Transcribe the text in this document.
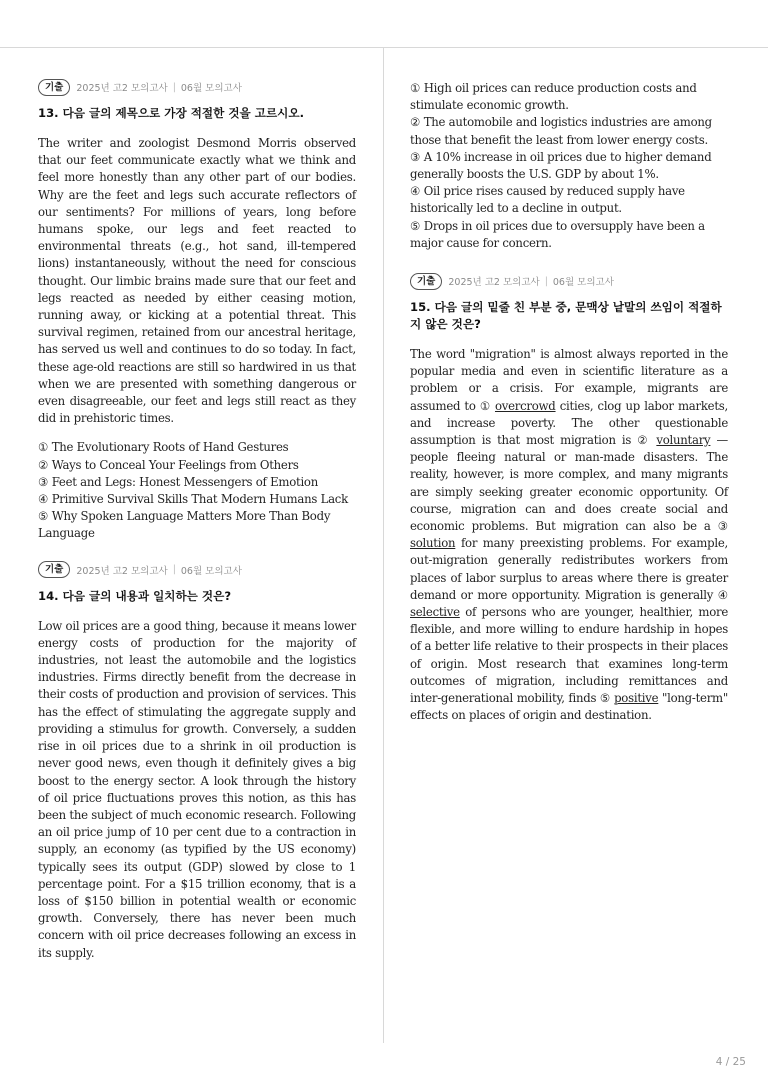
기출	2025년 고2 모의고사 | 06월 모의고사

13. 다음 글의 제목으로 가장 적절한 것을 고르시오.

The writer and zoologist Desmond Morris observed that our feet communicate exactly what we think and feel more honestly than any other part of our bodies. Why are the feet and legs such accurate reflectors of our sentiments? For millions of years, long before humans spoke, our legs and feet reacted to environmental threats (e.g., hot sand, ill-tempered lions) instantaneously, without the need for conscious thought. Our limbic brains made sure that our feet and legs reacted as needed by either ceasing motion, running away, or kicking at a potential threat. This survival regimen, retained from our ancestral heritage, has served us well and continues to do so today. In fact, these age-old reactions are still so hardwired in us that when we are presented with something dangerous or even disagreeable, our feet and legs still react as they did in prehistoric times.

① The Evolutionary Roots of Hand Gestures
② Ways to Conceal Your Feelings from Others
③ Feet and Legs: Honest Messengers of Emotion
④ Primitive Survival Skills That Modern Humans Lack
⑤ Why Spoken Language Matters More Than Body Language
기출	2025년 고2 모의고사 | 06월 모의고사

14. 다음 글의 내용과 일치하는 것은?

Low oil prices are a good thing, because it means lower energy costs of production for the majority of industries, not least the automobile and the logistics industries. Firms directly benefit from the decrease in their costs of production and provision of services. This has the effect of stimulating the aggregate supply and providing a stimulus for growth. Conversely, a sudden rise in oil prices due to a shrink in oil production is never good news, even though it definitely gives a big boost to the energy sector. A look through the history of oil price fluctuations proves this notion, as this has been the subject of much economic research. Following an oil price jump of 10 per cent due to a contraction in supply, an economy (as typified by the US economy) typically sees its output (GDP) slowed by close to 1 percentage point. For a $15 trillion economy, that is a loss of $150 billion in potential wealth or economic growth. Conversely, there has never been much concern with oil price decreases following an excess in its supply.

① High oil prices can reduce production costs and stimulate economic growth.
② The automobile and logistics industries are among those that benefit the least from lower energy costs.
③ A 10% increase in oil prices due to higher demand generally boosts the U.S. GDP by about 1%.
④ Oil price rises caused by reduced supply have historically led to a decline in output.
⑤ Drops in oil prices due to oversupply have been a major cause for concern.
기출	2025년 고2 모의고사 | 06월 모의고사

15. 다음 글의 밑줄 친 부분 중, 문맥상 낱말의 쓰임이 적절하지 않은 것은?

The word "migration" is almost always reported in the popular media and even in scientific literature as a problem or a crisis. For example, migrants are assumed to ① overcrowd cities, clog up labor markets, and increase poverty. The other questionable assumption is that most migration is ② voluntary — people fleeing natural or man-made disasters. The reality, however, is more complex, and many migrants are simply seeking greater economic opportunity. Of course, migration can and does create social and economic problems. But migration can also be a ③ solution for many preexisting problems. For example, out-migration generally redistributes workers from places of labor surplus to areas where there is greater demand or more opportunity. Migration is generally ④ selective of persons who are younger, healthier, more flexible, and more willing to endure hardship in hopes of a better life relative to their prospects in their places of origin. Most research that examines long-term outcomes of migration, including remittances and inter-generational mobility, finds ⑤ positive "long-term" effects on places of origin and destination.

4 / 25
